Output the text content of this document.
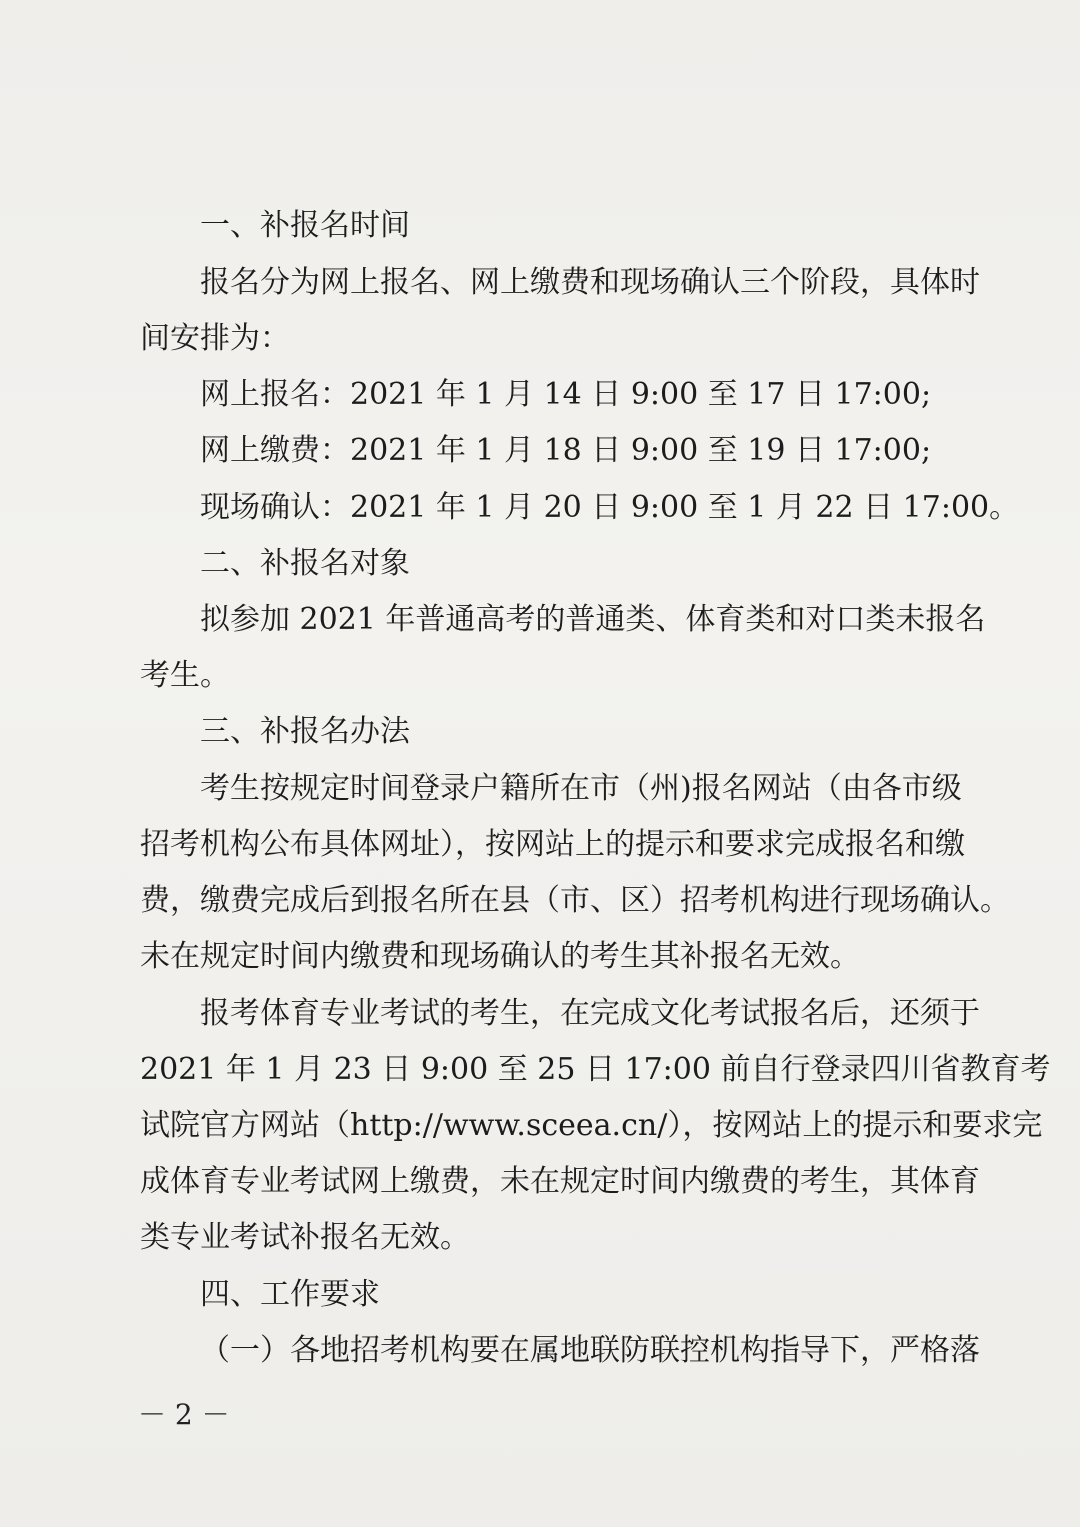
一、补报名时间
报名分为网上报名、网上缴费和现场确认三个阶段，具体时
间安排为：
网上报名：2021 年 1 月 14 日 9:00 至 17 日 17:00;
网上缴费：2021 年 1 月 18 日 9:00 至 19 日 17:00;
现场确认：2021 年 1 月 20 日 9:00 至 1 月 22 日 17:00。
二、补报名对象
拟参加 2021 年普通高考的普通类、体育类和对口类未报名
考生。
三、补报名办法
考生按规定时间登录户籍所在市（州)报名网站（由各市级
招考机构公布具体网址），按网站上的提示和要求完成报名和缴
费，缴费完成后到报名所在县（市、区）招考机构进行现场确认。
未在规定时间内缴费和现场确认的考生其补报名无效。
报考体育专业考试的考生，在完成文化考试报名后，还须于
2021 年 1 月 23 日 9:00 至 25 日 17:00 前自行登录四川省教育考
试院官方网站（http://www.sceea.cn/），按网站上的提示和要求完
成体育专业考试网上缴费，未在规定时间内缴费的考生，其体育
类专业考试补报名无效。
四、工作要求
（一）各地招考机构要在属地联防联控机构指导下，严格落
－ 2 －
